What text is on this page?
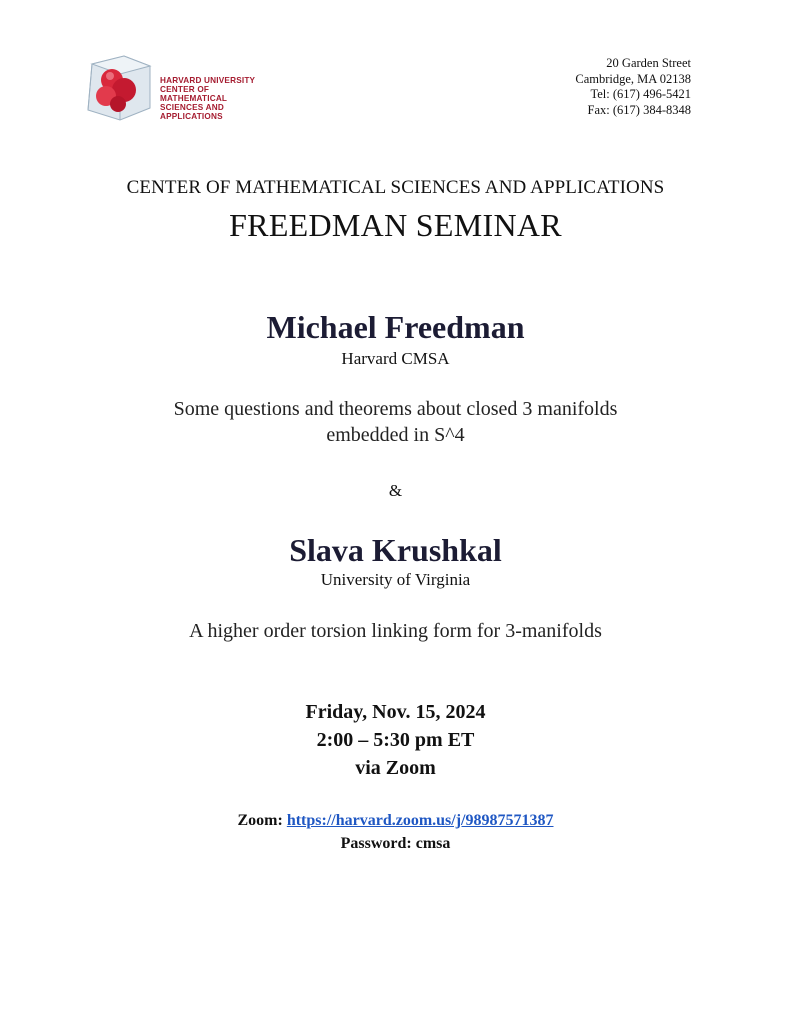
HARVARD UNIVERSITY
CENTER OF MATHEMATICAL
SCIENCES AND APPLICATIONS
20 Garden Street
Cambridge, MA 02138
Tel: (617) 496-5421
Fax: (617) 384-8348
CENTER OF MATHEMATICAL SCIENCES AND APPLICATIONS
FREEDMAN SEMINAR
Michael Freedman
Harvard CMSA
Some questions and theorems about closed 3 manifolds
embedded in S^4
&
Slava Krushkal
University of Virginia
A higher order torsion linking form for 3-manifolds
Friday, Nov. 15, 2024
2:00 – 5:30 pm ET
via Zoom
Zoom: https://harvard.zoom.us/j/98987571387
Password: cmsa
